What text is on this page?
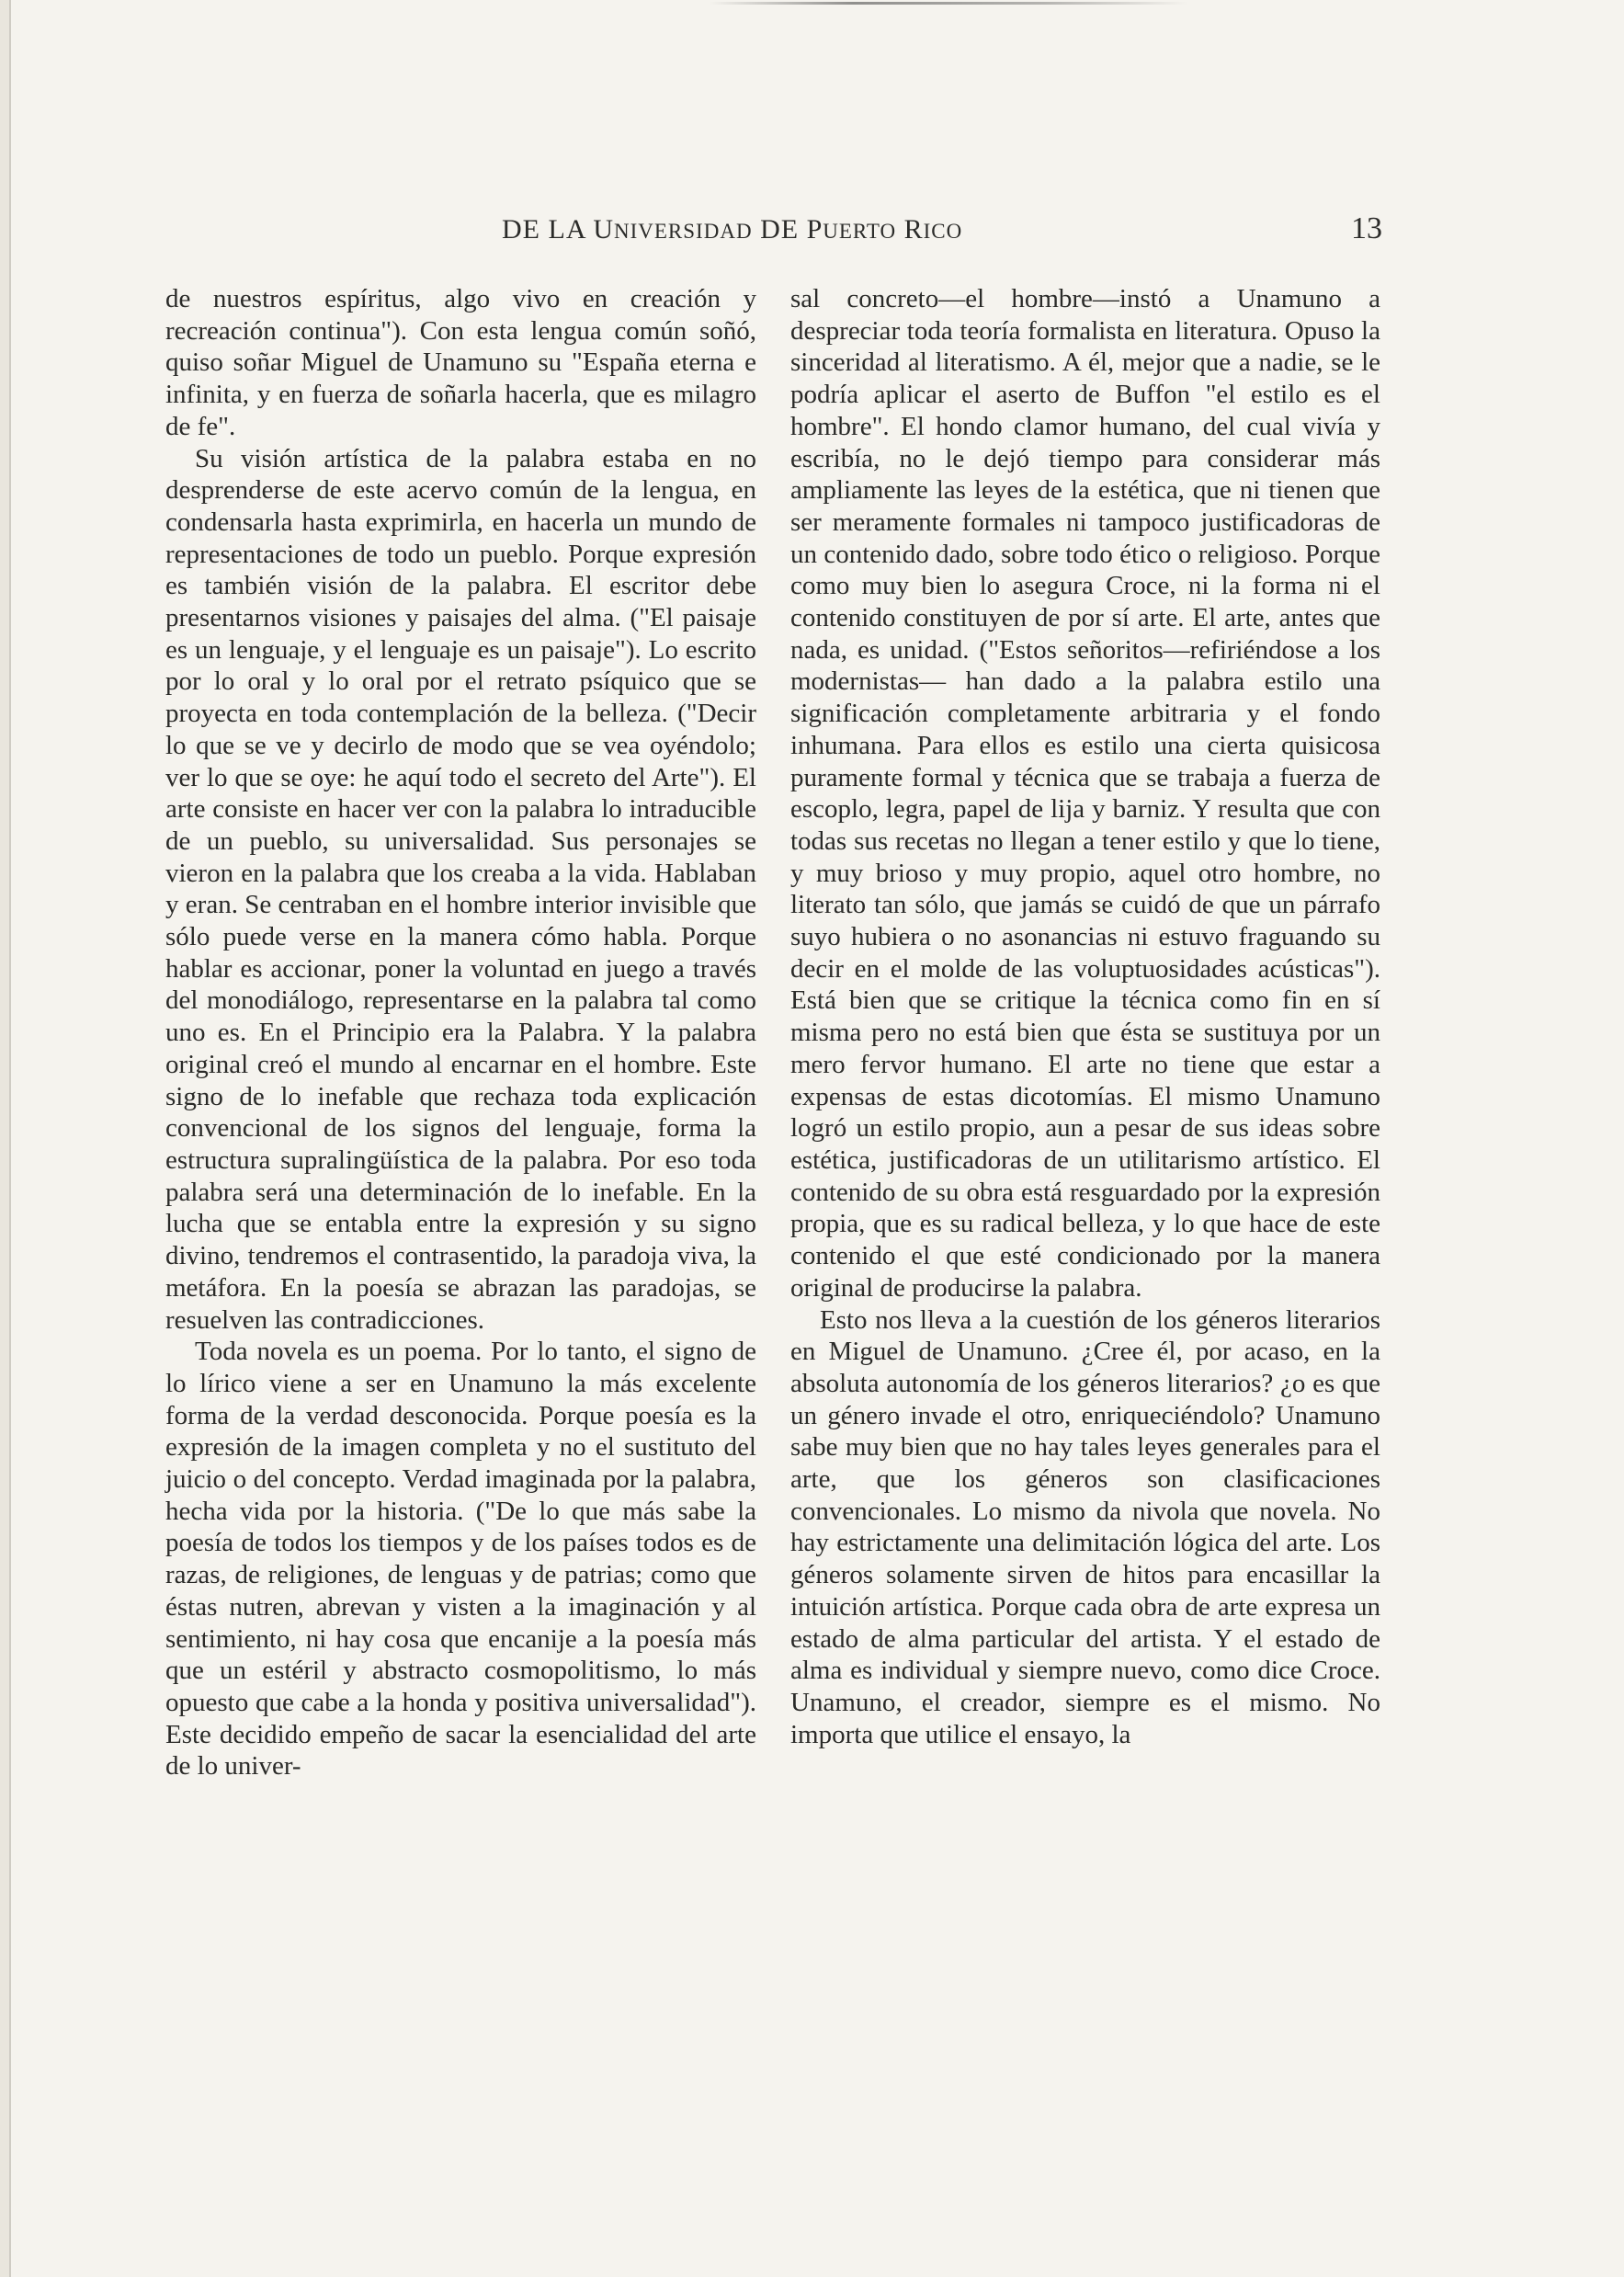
DE LA UNIVERSIDAD DE PUERTO RICO	13

de nuestros espíritus, algo vivo en creación y recreación continua"). Con esta lengua común soñó, quiso soñar Miguel de Unamuno su "España eterna e infinita, y en fuerza de soñarla hacerla, que es milagro de fe".

Su visión artística de la palabra estaba en no desprenderse de este acervo común de la lengua, en condensarla hasta exprimirla, en hacerla un mundo de representaciones de todo un pueblo. Porque expresión es también visión de la palabra. El escritor debe presentarnos visiones y paisajes del alma. ("El paisaje es un lenguaje, y el lenguaje es un paisaje"). Lo escrito por lo oral y lo oral por el retrato psíquico que se proyecta en toda contemplación de la belleza. ("Decir lo que se ve y decirlo de modo que se vea oyéndolo; ver lo que se oye: he aquí todo el secreto del Arte"). El arte consiste en hacer ver con la palabra lo intraducible de un pueblo, su universalidad. Sus personajes se vieron en la palabra que los creaba a la vida. Hablaban y eran. Se centraban en el hombre interior invisible que sólo puede verse en la manera cómo habla. Porque hablar es accionar, poner la voluntad en juego a través del monodiálogo, representarse en la palabra tal como uno es. En el Principio era la Palabra. Y la palabra original creó el mundo al encarnar en el hombre. Este signo de lo inefable que rechaza toda explicación convencional de los signos del lenguaje, forma la estructura supralingüística de la palabra. Por eso toda palabra será una determinación de lo inefable. En la lucha que se entabla entre la expresión y su signo divino, tendremos el contrasentido, la paradoja viva, la metáfora. En la poesía se abrazan las paradojas, se resuelven las contradicciones.

Toda novela es un poema. Por lo tanto, el signo de lo lírico viene a ser en Unamuno la más excelente forma de la verdad desconocida. Porque poesía es la expresión de la imagen completa y no el sustituto del juicio o del concepto. Verdad imaginada por la palabra, hecha vida por la historia. ("De lo que más sabe la poesía de todos los tiempos y de los países todos es de razas, de religiones, de lenguas y de patrias; como que éstas nutren, abrevan y visten a la imaginación y al sentimiento, ni hay cosa que encanije a la poesía más que un estéril y abstracto cosmopolitismo, lo más opuesto que cabe a la honda y positiva universalidad"). Este decidido empeño de sacar la esencialidad del arte de lo univer-

sal concreto—el hombre—instó a Unamuno a despreciar toda teoría formalista en literatura. Opuso la sinceridad al literatismo. A él, mejor que a nadie, se le podría aplicar el aserto de Buffon "el estilo es el hombre". El hondo clamor humano, del cual vivía y escribía, no le dejó tiempo para considerar más ampliamente las leyes de la estética, que ni tienen que ser meramente formales ni tampoco justificadoras de un contenido dado, sobre todo ético o religioso. Porque como muy bien lo asegura Croce, ni la forma ni el contenido constituyen de por sí arte. El arte, antes que nada, es unidad. ("Estos señoritos—refiriéndose a los modernistas— han dado a la palabra estilo una significación completamente arbitraria y el fondo inhumana. Para ellos es estilo una cierta quisicosa puramente formal y técnica que se trabaja a fuerza de escoplo, legra, papel de lija y barniz. Y resulta que con todas sus recetas no llegan a tener estilo y que lo tiene, y muy brioso y muy propio, aquel otro hombre, no literato tan sólo, que jamás se cuidó de que un párrafo suyo hubiera o no asonancias ni estuvo fraguando su decir en el molde de las voluptuosidades acústicas"). Está bien que se critique la técnica como fin en sí misma pero no está bien que ésta se sustituya por un mero fervor humano. El arte no tiene que estar a expensas de estas dicotomías. El mismo Unamuno logró un estilo propio, aun a pesar de sus ideas sobre estética, justificadoras de un utilitarismo artístico. El contenido de su obra está resguardado por la expresión propia, que es su radical belleza, y lo que hace de este contenido el que esté condicionado por la manera original de producirse la palabra.

Esto nos lleva a la cuestión de los géneros literarios en Miguel de Unamuno. ¿Cree él, por acaso, en la absoluta autonomía de los géneros literarios? ¿o es que un género invade el otro, enriqueciéndolo? Unamuno sabe muy bien que no hay tales leyes generales para el arte, que los géneros son clasificaciones convencionales. Lo mismo da nivola que novela. No hay estrictamente una delimitación lógica del arte. Los géneros solamente sirven de hitos para encasillar la intuición artística. Porque cada obra de arte expresa un estado de alma particular del artista. Y el estado de alma es individual y siempre nuevo, como dice Croce. Unamuno, el creador, siempre es el mismo. No importa que utilice el ensayo, la
